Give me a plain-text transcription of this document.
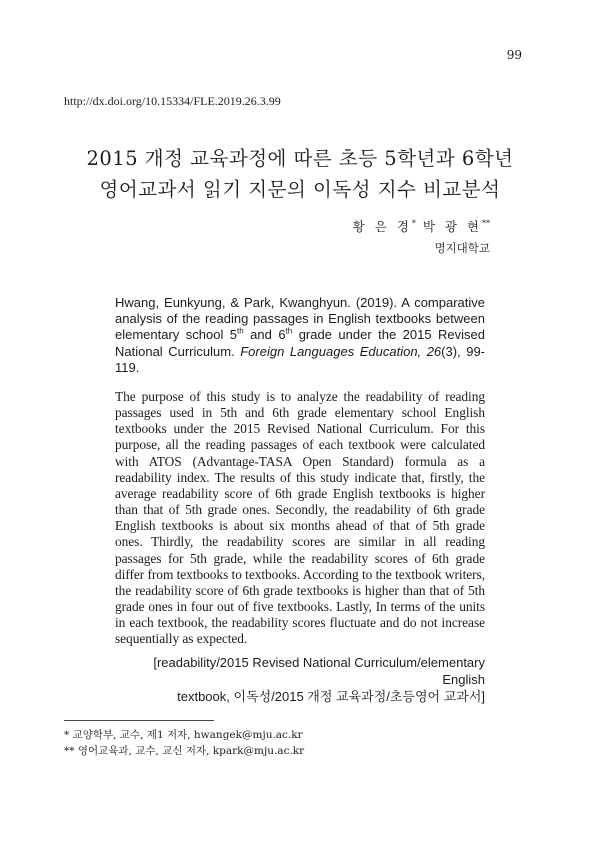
99
http://dx.doi.org/10.15334/FLE.2019.26.3.99
2015 개정 교육과정에 따른 초등 5학년과 6학년
영어교과서 읽기 지문의 이독성 지수 비교분석
황 은 경* 박 광 현**
명지대학교
Hwang, Eunkyung, & Park, Kwanghyun. (2019). A comparative analysis of the reading passages in English textbooks between elementary school 5th and 6th grade under the 2015 Revised National Curriculum. Foreign Languages Education, 26(3), 99-119.
The purpose of this study is to analyze the readability of reading passages used in 5th and 6th grade elementary school English textbooks under the 2015 Revised National Curriculum. For this purpose, all the reading passages of each textbook were calculated with ATOS (Advantage-TASA Open Standard) formula as a readability index. The results of this study indicate that, firstly, the average readability score of 6th grade English textbooks is higher than that of 5th grade ones. Secondly, the readability of 6th grade English textbooks is about six months ahead of that of 5th grade ones. Thirdly, the readability scores are similar in all reading passages for 5th grade, while the readability scores of 6th grade differ from textbooks to textbooks. According to the textbook writers, the readability score of 6th grade textbooks is higher than that of 5th grade ones in four out of five textbooks. Lastly, In terms of the units in each textbook, the readability scores fluctuate and do not increase sequentially as expected.
[readability/2015 Revised National Curriculum/elementary English
textbook, 이독성/2015 개정 교육과정/초등영어 교과서]
* 교양학부, 교수, 제1 저자, hwangek@mju.ac.kr
** 영어교육과, 교수, 교신 저자, kpark@mju.ac.kr
